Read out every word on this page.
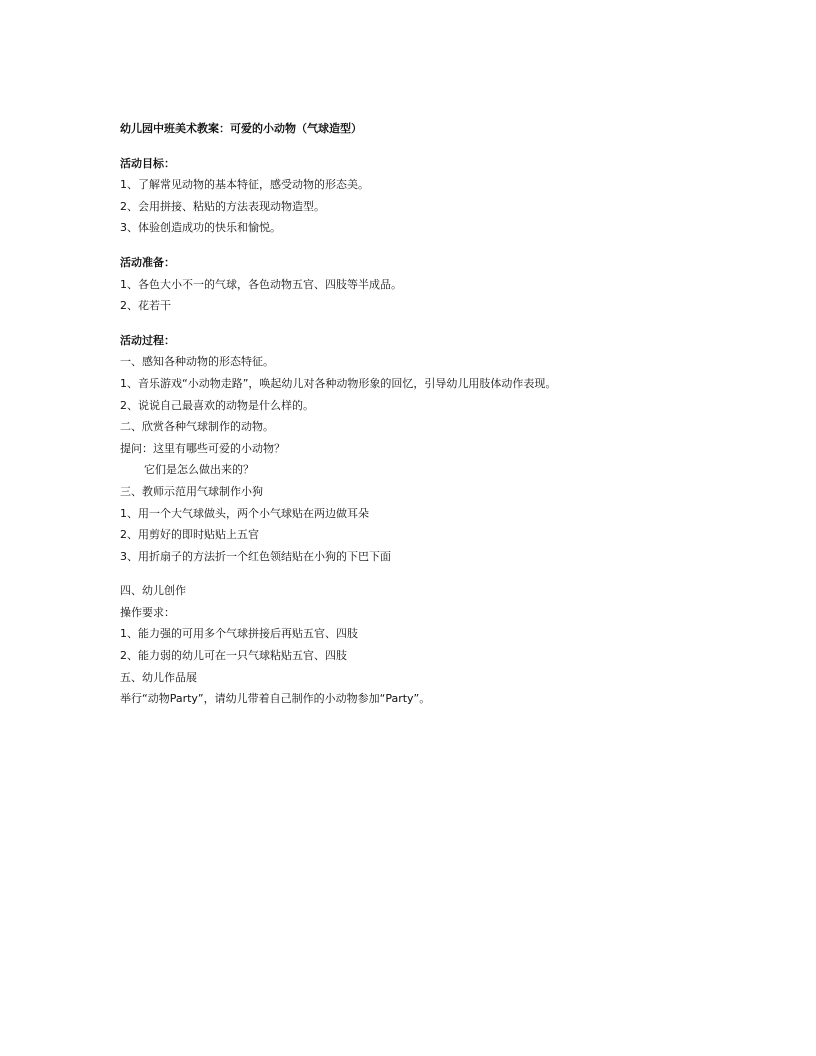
幼儿园中班美术教案：可爱的小动物（气球造型）
活动目标：
1、了解常见动物的基本特征，感受动物的形态美。
2、会用拼接、粘贴的方法表现动物造型。
3、体验创造成功的快乐和愉悦。
活动准备：
1、各色大小不一的气球，各色动物五官、四肢等半成品。
2、花若干
活动过程：
一、感知各种动物的形态特征。
1、音乐游戏“小动物走路”，唤起幼儿对各种动物形象的回忆，引导幼儿用肢体动作表现。
2、说说自己最喜欢的动物是什么样的。
二、欣赏各种气球制作的动物。
提问：这里有哪些可爱的小动物？
它们是怎么做出来的？
三、教师示范用气球制作小狗
1、用一个大气球做头，两个小气球贴在两边做耳朵
2、用剪好的即时贴贴上五官
3、用折扇子的方法折一个红色领结贴在小狗的下巴下面
四、幼儿创作
操作要求：
1、能力强的可用多个气球拼接后再贴五官、四肢
2、能力弱的幼儿可在一只气球粘贴五官、四肢
五、幼儿作品展
举行“动物Party”，请幼儿带着自己制作的小动物参加“Party”。
